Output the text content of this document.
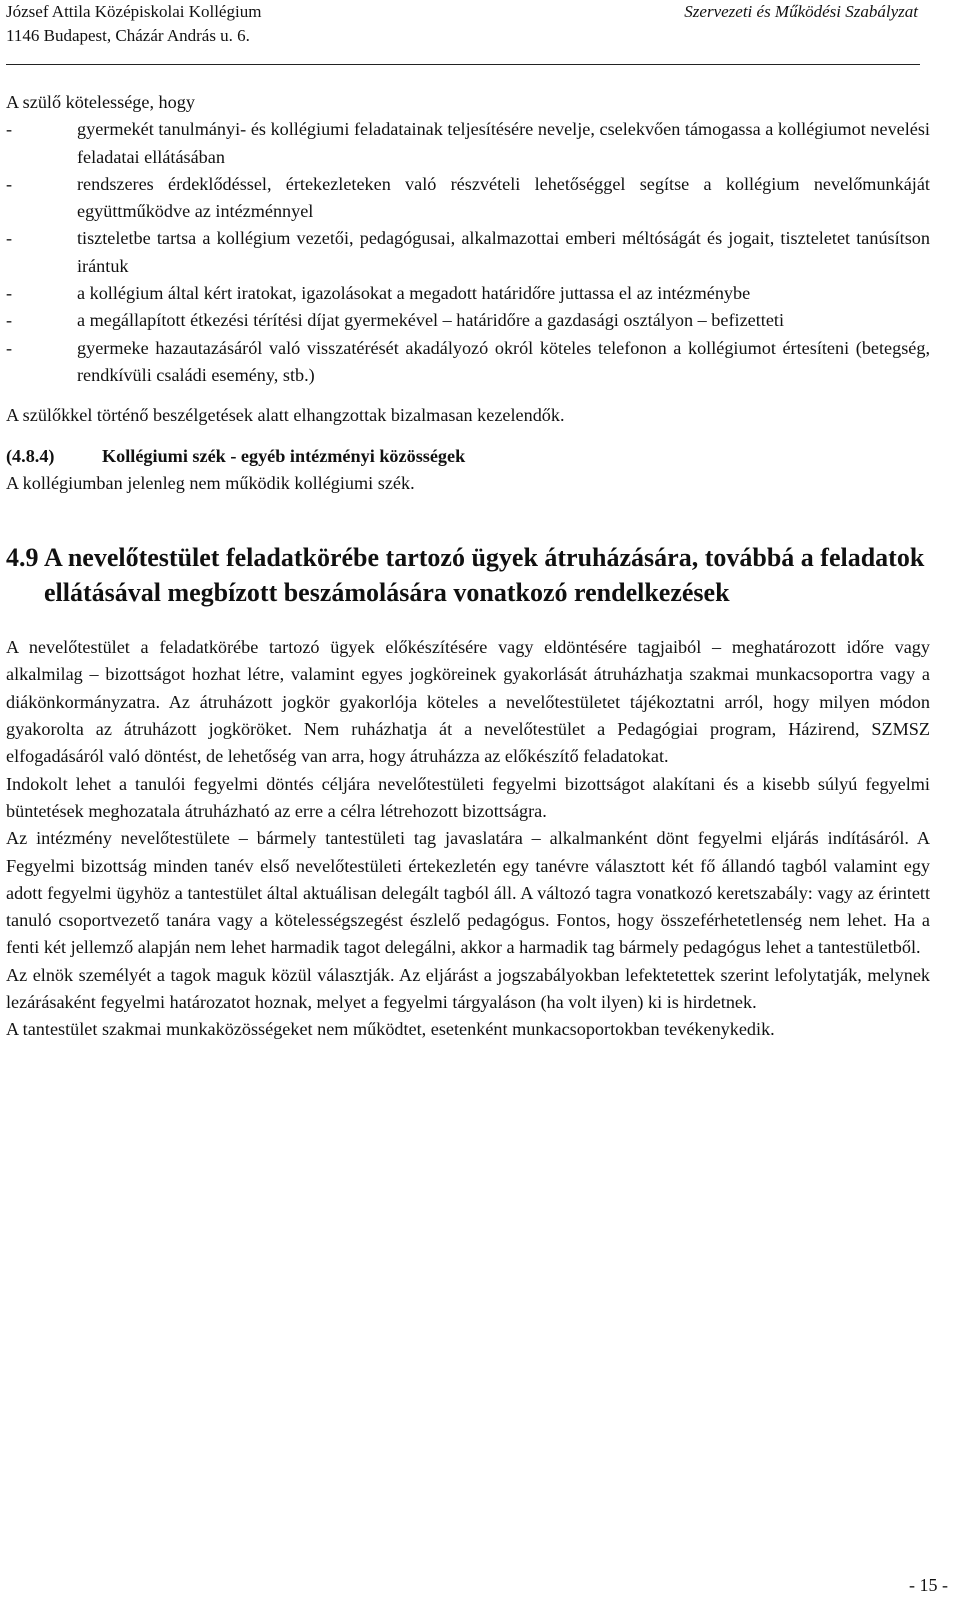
József Attila Középiskolai Kollégium	Szervezeti és Működési Szabályzat
1146 Budapest, Cházár András u. 6.

A szülő kötelessége, hogy

-	gyermekét tanulmányi- és kollégiumi feladatainak teljesítésére nevelje, cselekvően támogassa a kollégiumot nevelési feladatai ellátásában
-	rendszeres érdeklődéssel, értekezleteken való részvételi lehetőséggel segítse a kollégium nevelőmunkáját együttműködve az intézménnyel
-	tiszteletbe tartsa a kollégium vezetői, pedagógusai, alkalmazottai emberi méltóságát és jogait, tiszteletet tanúsítson irántuk
-	a kollégium által kért iratokat, igazolásokat a megadott határidőre juttassa el az intézménybe
-	a megállapított étkezési térítési díjat gyermekével – határidőre a gazdasági osztályon – befizetteti
-	gyermeke hazautazásáról való visszatérését akadályozó okról köteles telefonon a kollégiumot értesíteni (betegség, rendkívüli családi esemény, stb.)

A szülőkkel történő beszélgetések alatt elhangzottak bizalmasan kezelendők.

(4.8.4)	Kollégiumi szék - egyéb intézményi közösségek

A kollégiumban jelenleg nem működik kollégiumi szék.

4.9 A nevelőtestület feladatkörébe tartozó ügyek átruházására, továbbá a feladatok ellátásával megbízott beszámolására vonatkozó rendelkezések

A nevelőtestület a feladatkörébe tartozó ügyek előkészítésére vagy eldöntésére tagjaiból – meghatározott időre vagy alkalmilag – bizottságot hozhat létre, valamint egyes jogköreinek gyakorlását átruházhatja szakmai munkacsoportra vagy a diákönkormányzatra. Az átruházott jogkör gyakorlója köteles a nevelőtestületet tájékoztatni arról, hogy milyen módon gyakorolta az átruházott jogköröket. Nem ruházhatja át a nevelőtestület a Pedagógiai program, Házirend, SZMSZ elfogadásáról való döntést, de lehetőség van arra, hogy átruházza az előkészítő feladatokat.

Indokolt lehet a tanulói fegyelmi döntés céljára nevelőtestületi fegyelmi bizottságot alakítani és a kisebb súlyú fegyelmi büntetések meghozatala átruházható az erre a célra létrehozott bizottságra.

Az intézmény nevelőtestülete – bármely tantestületi tag javaslatára – alkalmanként dönt fegyelmi eljárás indításáról. A Fegyelmi bizottság minden tanév első nevelőtestületi értekezletén egy tanévre választott két fő állandó tagból valamint egy adott fegyelmi ügyhöz a tantestület által aktuálisan delegált tagból áll. A változó tagra vonatkozó keretszabály: vagy az érintett tanuló csoportvezető tanára vagy a kötelességszegést észlelő pedagógus. Fontos, hogy összeférhetetlenség nem lehet. Ha a fenti két jellemző alapján nem lehet harmadik tagot delegálni, akkor a harmadik tag bármely pedagógus lehet a tantestületből.

Az elnök személyét a tagok maguk közül választják. Az eljárást a jogszabályokban lefektetettek szerint lefolytatják, melynek lezárásaként fegyelmi határozatot hoznak, melyet a fegyelmi tárgyaláson (ha volt ilyen) ki is hirdetnek.

A tantestület szakmai munkaközösségeket nem működtet, esetenként munkacsoportokban tevékenykedik.

- 15 -
